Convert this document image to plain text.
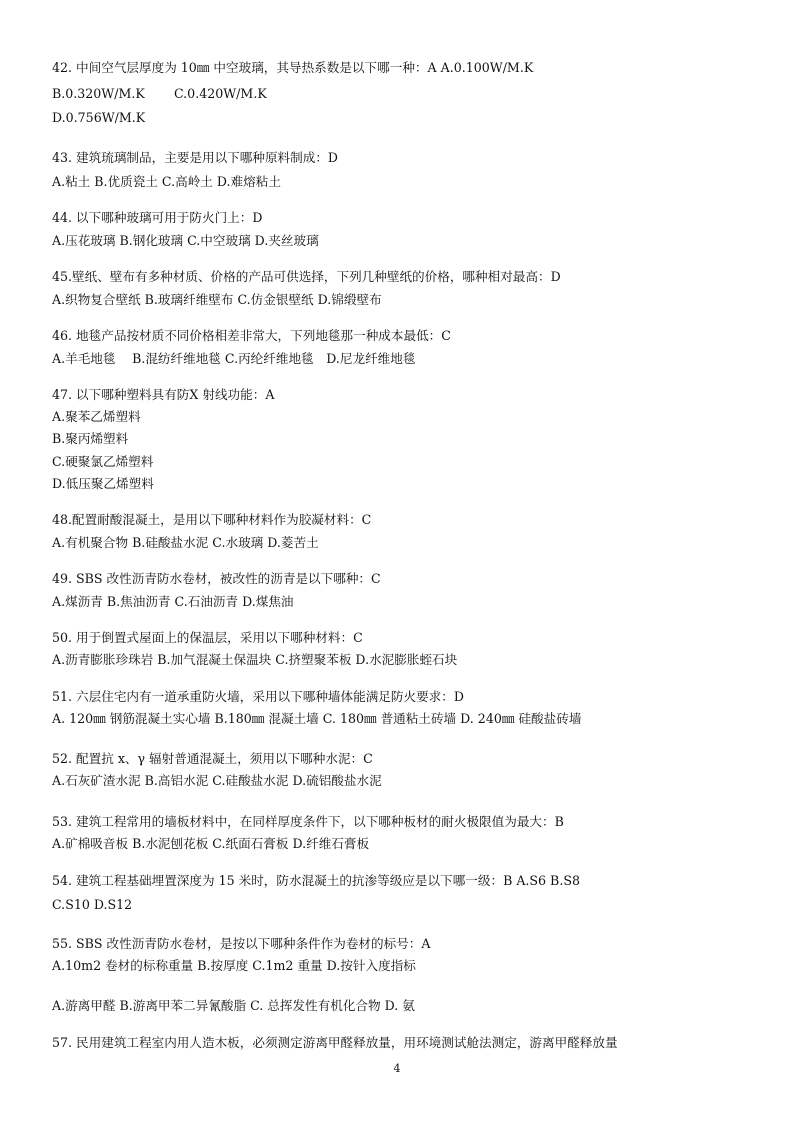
42. 中间空气层厚度为 10㎜ 中空玻璃，其导热系数是以下哪一种：A A.0.100W/M.K
B.0.320W/M.K　　 C.0.420W/M.K
D.0.756W/M.K
43. 建筑琉璃制品，主要是用以下哪种原料制成：D
A.粘土 B.优质瓷土 C.高岭土 D.难熔粘土
44. 以下哪种玻璃可用于防火门上：D
A.压花玻璃 B.钢化玻璃 C.中空玻璃 D.夹丝玻璃
45.壁纸、壁布有多种材质、价格的产品可供选择，下列几种壁纸的价格，哪种相对最高：D
A.织物复合壁纸 B.玻璃纤维壁布 C.仿金银壁纸 D.锦缎壁布
46. 地毯产品按材质不同价格相差非常大，下列地毯那一种成本最低：C
A.羊毛地毯　 B.混纺纤维地毯 C.丙纶纤维地毯　D.尼龙纤维地毯
47. 以下哪种塑料具有防X 射线功能：A
A.聚苯乙烯塑料
B.聚丙烯塑料
C.硬聚氯乙烯塑料
D.低压聚乙烯塑料
48.配置耐酸混凝土，是用以下哪种材料作为胶凝材料：C
A.有机聚合物 B.硅酸盐水泥 C.水玻璃 D.菱苦土
49. SBS 改性沥青防水卷材，被改性的沥青是以下哪种：C
A.煤沥青 B.焦油沥青 C.石油沥青 D.煤焦油
50. 用于倒置式屋面上的保温层，采用以下哪种材料：C
A.沥青膨胀珍珠岩 B.加气混凝土保温块 C.挤塑聚苯板 D.水泥膨胀蛭石块
51. 六层住宅内有一道承重防火墙，采用以下哪种墙体能满足防火要求：D
A. 120㎜ 钢筋混凝土实心墙 B.180㎜ 混凝土墙 C. 180㎜ 普通粘土砖墙 D. 240㎜ 硅酸盐砖墙
52. 配置抗 x、γ 辐射普通混凝土，须用以下哪种水泥：C
A.石灰矿渣水泥 B.高铝水泥 C.硅酸盐水泥 D.硫铝酸盐水泥
53. 建筑工程常用的墙板材料中，在同样厚度条件下，以下哪种板材的耐火极限值为最大：B
A.矿棉吸音板 B.水泥刨花板 C.纸面石膏板 D.纤维石膏板
54. 建筑工程基础埋置深度为 15 米时，防水混凝土的抗渗等级应是以下哪一级：B A.S6 B.S8
C.S10 D.S12
55. SBS 改性沥青防水卷材，是按以下哪种条件作为卷材的标号：A
A.10m2 卷材的标称重量 B.按厚度 C.1m2 重量 D.按针入度指标
A.游离甲醛 B.游离甲苯二异氰酸脂 C. 总挥发性有机化合物 D. 氨
57. 民用建筑工程室内用人造木板，必须测定游离甲醛释放量，用环境测试舱法测定，游离甲醛释放量
4
